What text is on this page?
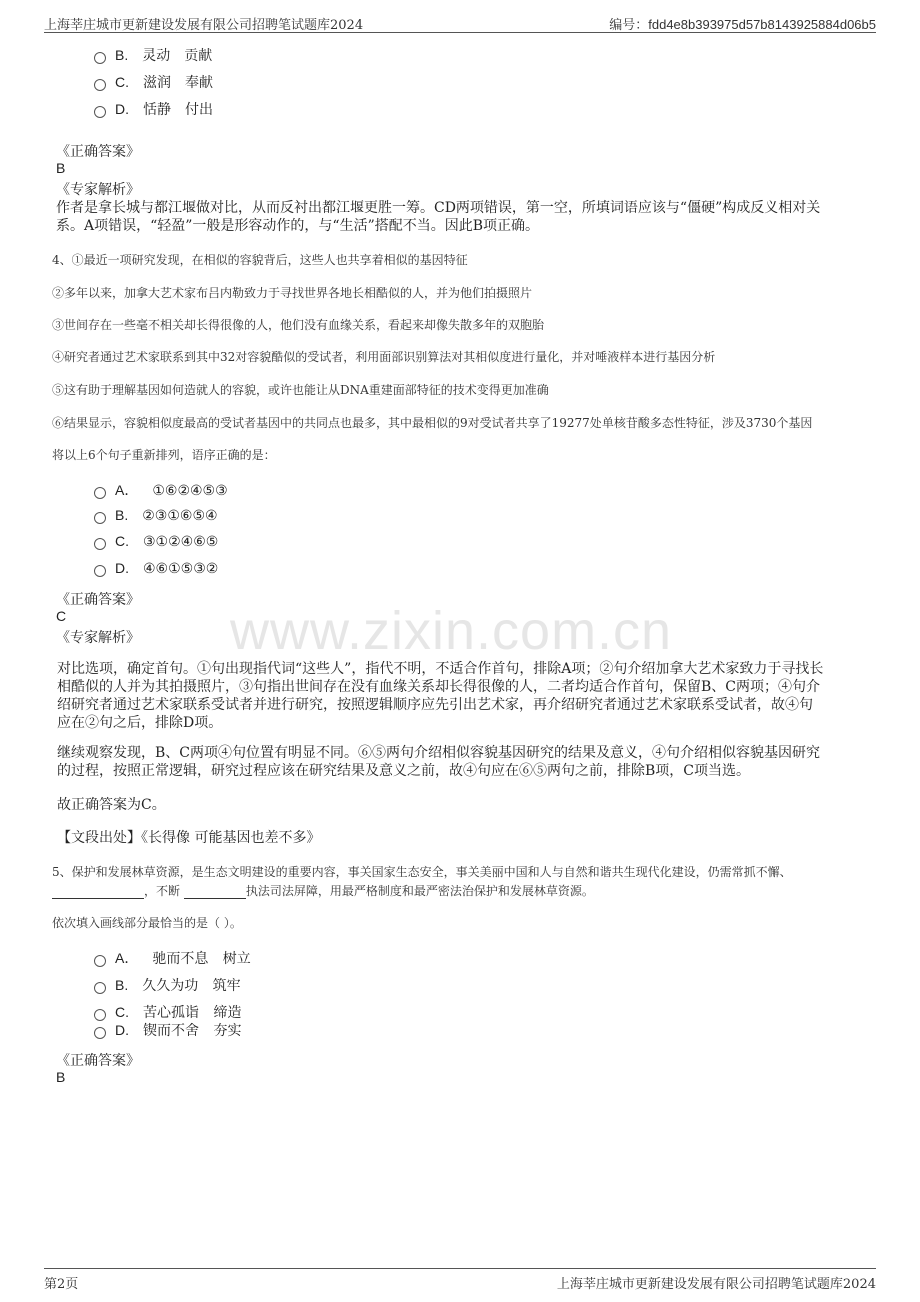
上海莘庄城市更新建设发展有限公司招聘笔试题库2024	编号：fdd4e8b393975d57b8143925884d06b5
www.zixin.com.cn
B. 灵动　贡献
C. 滋润　奉献
D. 恬静　付出
《正确答案》
B
《专家解析》
作者是拿长城与都江堰做对比，从而反衬出都江堰更胜一筹。CD两项错误，第一空，所填词语应该与“僵硬”构成反义相对关
系。A项错误，“轻盈”一般是形容动作的，与“生活”搭配不当。因此B项正确。
4、①最近一项研究发现，在相似的容貌背后，这些人也共享着相似的基因特征
②多年以来，加拿大艺术家布吕内勒致力于寻找世界各地长相酷似的人，并为他们拍摄照片
③世间存在一些毫不相关却长得很像的人，他们没有血缘关系，看起来却像失散多年的双胞胎
④研究者通过艺术家联系到其中32对容貌酷似的受试者，利用面部识别算法对其相似度进行量化，并对唾液样本进行基因分析
⑤这有助于理解基因如何造就人的容貌，或许也能让从DNA重建面部特征的技术变得更加准确
⑥结果显示，容貌相似度最高的受试者基因中的共同点也最多，其中最相似的9对受试者共享了19277处单核苷酸多态性特征，涉及3730个基因
将以上6个句子重新排列，语序正确的是：
A． ①⑥②④⑤③
B. ②③①⑥⑤④
C. ③①②④⑥⑤
D. ④⑥①⑤③②
《正确答案》
C
《专家解析》
对比选项，确定首句。①句出现指代词“这些人”，指代不明，不适合作首句，排除A项；②句介绍加拿大艺术家致力于寻找长
相酷似的人并为其拍摄照片，③句指出世间存在没有血缘关系却长得很像的人，二者均适合作首句，保留B、C两项；④句介
绍研究者通过艺术家联系受试者并进行研究，按照逻辑顺序应先引出艺术家，再介绍研究者通过艺术家联系受试者，故④句
应在②句之后，排除D项。
继续观察发现，B、C两项④句位置有明显不同。⑥⑤两句介绍相似容貌基因研究的结果及意义，④句介绍相似容貌基因研究
的过程，按照正常逻辑，研究过程应该在研究结果及意义之前，故④句应在⑥⑤两句之前，排除B项，C项当选。
故正确答案为C。
【文段出处】《长得像 可能基因也差不多》
5、保护和发展林草资源，是生态文明建设的重要内容，事关国家生态安全，事关美丽中国和人与自然和谐共生现代化建设，仍需常抓不懈、
，不断	执法司法屏障，用最严格制度和最严密法治保护和发展林草资源。
依次填入画线部分最恰当的是（ ）。
A． 驰而不息 树立
B. 久久为功 筑牢
C. 苦心孤诣 缔造
D. 锲而不舍 夯实
《正确答案》
B
第2页	上海莘庄城市更新建设发展有限公司招聘笔试题库2024
